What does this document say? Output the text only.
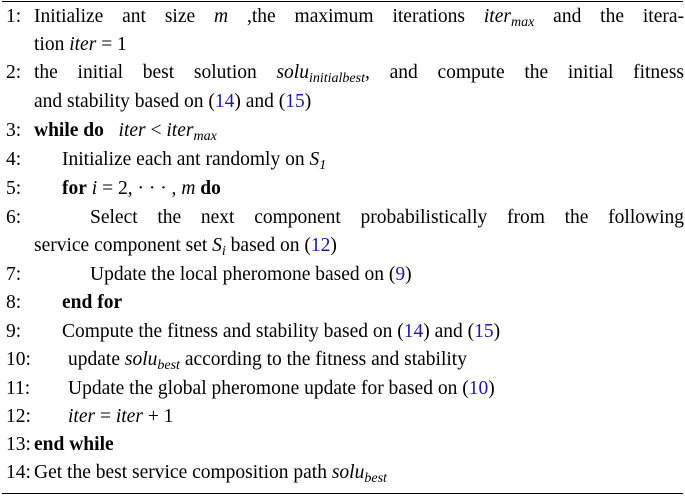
1: Initialize ant size m ,the maximum iterations iter$_{max}$ and the itera-
tion iter = 1
2: the initial best solution solu$_{initialbest}$, and compute the initial fitness
and stability based on (14) and (15)
3: while do iter < iter$_{max}$
4: Initialize each ant randomly on $S_1$
5: for i = 2, · · · , m do
6:	Select the next component probabilistically from the following
service component set $S_i$ based on (12)
7:	Update the local pheromone based on (9)
8: end for
9: Compute the fitness and stability based on (14) and (15)
10: update solu$_{best}$ according to the fitness and stability
11: Update the global pheromone update for based on (10)
12: iter = iter + 1
13: end while
14: Get the best service composition path solu$_{best}$
